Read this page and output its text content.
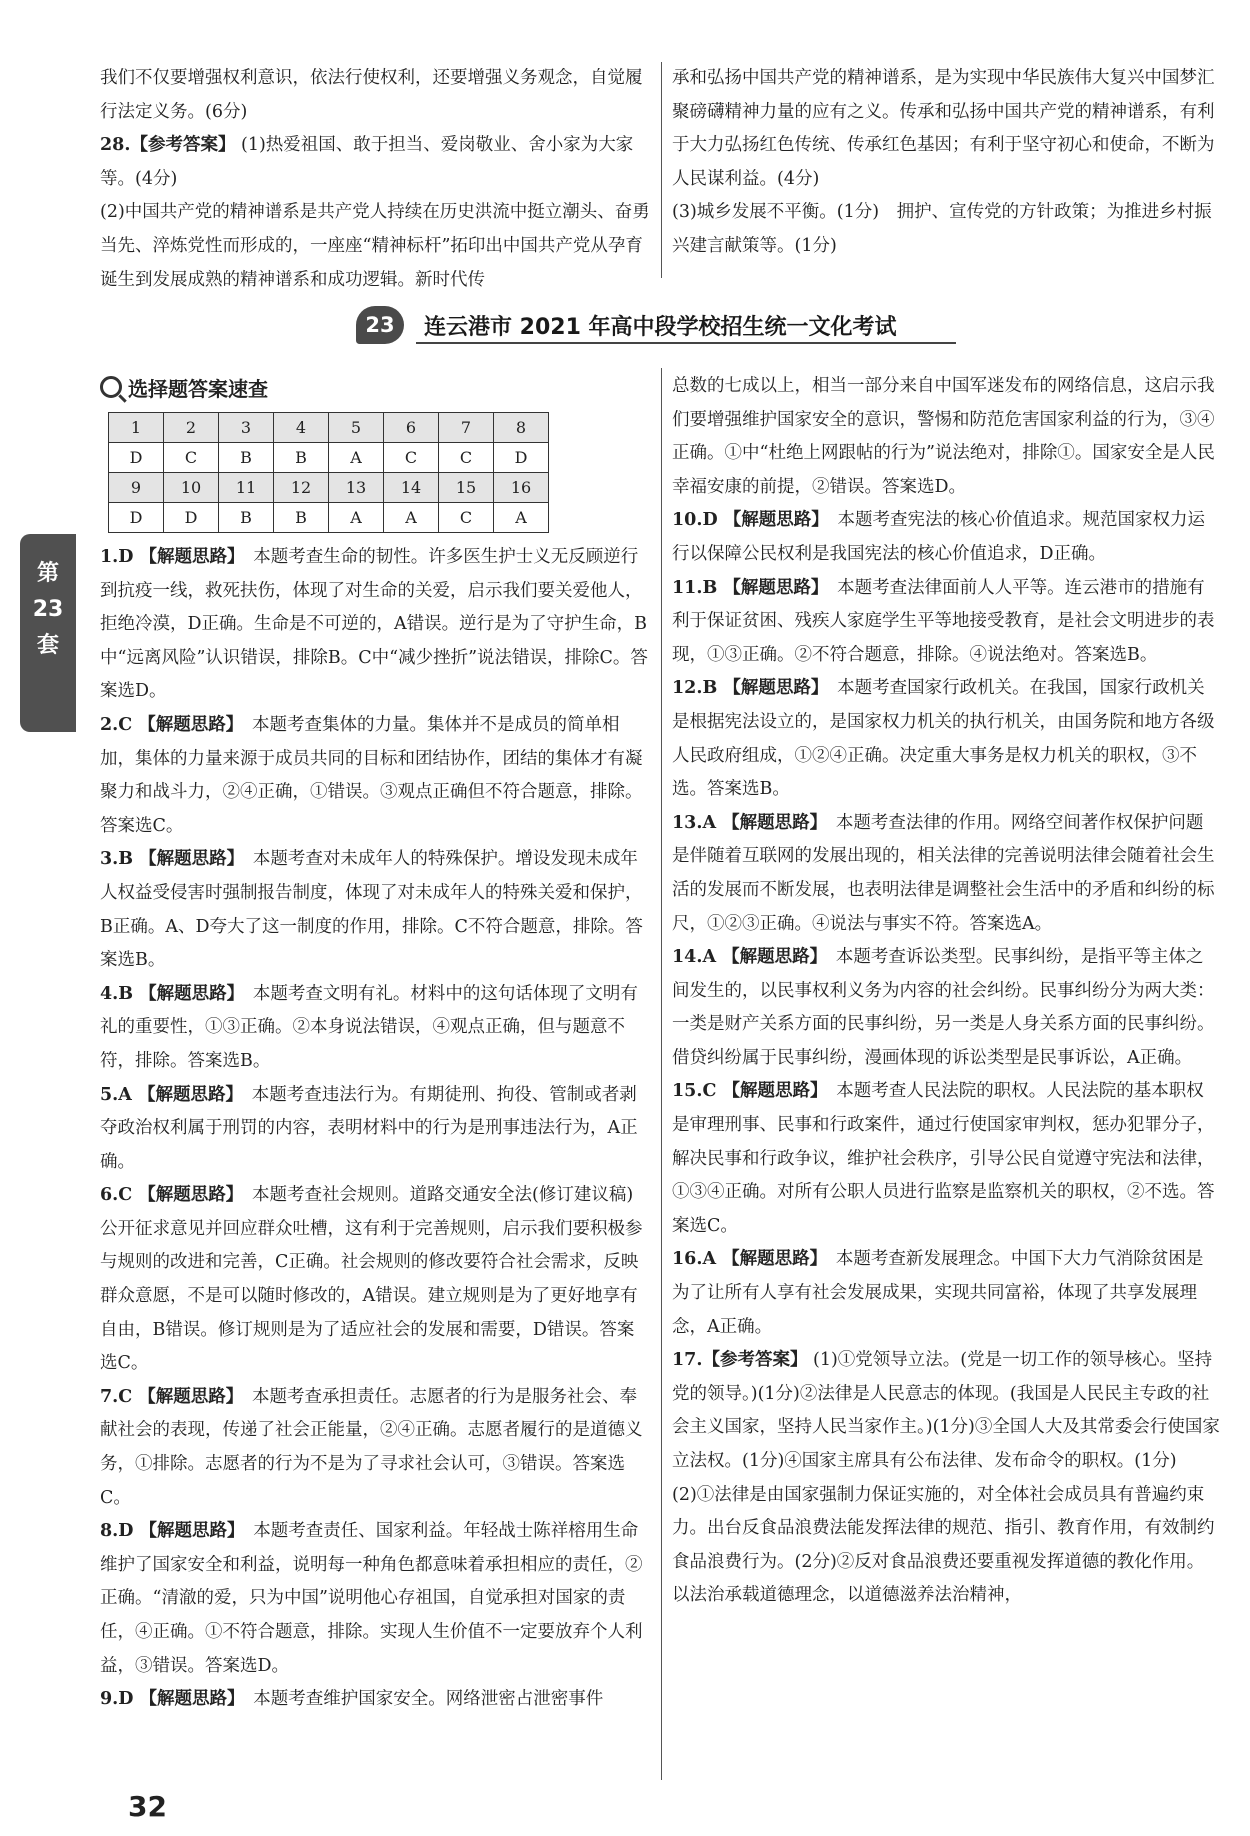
我们不仅要增强权利意识，依法行使权利，还要增强义务观念，自觉履行法定义务。(6分)

28.【参考答案】 (1)热爱祖国、敢于担当、爱岗敬业、舍小家为大家等。(4分)

(2)中国共产党的精神谱系是共产党人持续在历史洪流中挺立潮头、奋勇当先、淬炼党性而形成的，一座座“精神标杆”拓印出中国共产党从孕育诞生到发展成熟的精神谱系和成功逻辑。新时代传

承和弘扬中国共产党的精神谱系，是为实现中华民族伟大复兴中国梦汇聚磅礴精神力量的应有之义。传承和弘扬中国共产党的精神谱系，有利于大力弘扬红色传统、传承红色基因；有利于坚守初心和使命，不断为人民谋利益。(4分)

(3)城乡发展不平衡。(1分)　拥护、宣传党的方针政策；为推进乡村振兴建言献策等。(1分)

23	连云港市 2021 年高中段学校招生统一文化考试
第
23
套
选择题答案速查
1	2	3	4	5	6	7	8
D	C	B	B	A	C	C	D
9	10	11	12	13	14	15	16
D	D	B	B	A	A	C	A

1.D 【解题思路】　本题考查生命的韧性。许多医生护士义无反顾逆行到抗疫一线，救死扶伤，体现了对生命的关爱，启示我们要关爱他人，拒绝冷漠，D正确。生命是不可逆的，A错误。逆行是为了守护生命，B中“远离风险”认识错误，排除B。C中“减少挫折”说法错误，排除C。答案选D。

2.C 【解题思路】　本题考查集体的力量。集体并不是成员的简单相加，集体的力量来源于成员共同的目标和团结协作，团结的集体才有凝聚力和战斗力，②④正确，①错误。③观点正确但不符合题意，排除。答案选C。

3.B 【解题思路】　本题考查对未成年人的特殊保护。增设发现未成年人权益受侵害时强制报告制度，体现了对未成年人的特殊关爱和保护，B正确。A、D夸大了这一制度的作用，排除。C不符合题意，排除。答案选B。

4.B 【解题思路】　本题考查文明有礼。材料中的这句话体现了文明有礼的重要性，①③正确。②本身说法错误，④观点正确，但与题意不符，排除。答案选B。

5.A 【解题思路】　本题考查违法行为。有期徒刑、拘役、管制或者剥夺政治权利属于刑罚的内容，表明材料中的行为是刑事违法行为，A正确。

6.C 【解题思路】　本题考查社会规则。道路交通安全法(修订建议稿)公开征求意见并回应群众吐槽，这有利于完善规则，启示我们要积极参与规则的改进和完善，C正确。社会规则的修改要符合社会需求，反映群众意愿，不是可以随时修改的，A错误。建立规则是为了更好地享有自由，B错误。修订规则是为了适应社会的发展和需要，D错误。答案选C。

7.C 【解题思路】　本题考查承担责任。志愿者的行为是服务社会、奉献社会的表现，传递了社会正能量，②④正确。志愿者履行的是道德义务，①排除。志愿者的行为不是为了寻求社会认可，③错误。答案选C。

8.D 【解题思路】　本题考查责任、国家利益。年轻战士陈祥榕用生命维护了国家安全和利益，说明每一种角色都意味着承担相应的责任，②正确。“清澈的爱，只为中国”说明他心存祖国，自觉承担对国家的责任，④正确。①不符合题意，排除。实现人生价值不一定要放弃个人利益，③错误。答案选D。

9.D 【解题思路】　本题考查维护国家安全。网络泄密占泄密事件

总数的七成以上，相当一部分来自中国军迷发布的网络信息，这启示我们要增强维护国家安全的意识，警惕和防范危害国家利益的行为，③④正确。①中“杜绝上网跟帖的行为”说法绝对，排除①。国家安全是人民幸福安康的前提，②错误。答案选D。

10.D 【解题思路】　本题考查宪法的核心价值追求。规范国家权力运行以保障公民权利是我国宪法的核心价值追求，D正确。

11.B 【解题思路】　本题考查法律面前人人平等。连云港市的措施有利于保证贫困、残疾人家庭学生平等地接受教育，是社会文明进步的表现，①③正确。②不符合题意，排除。④说法绝对。答案选B。

12.B 【解题思路】　本题考查国家行政机关。在我国，国家行政机关是根据宪法设立的，是国家权力机关的执行机关，由国务院和地方各级人民政府组成，①②④正确。决定重大事务是权力机关的职权，③不选。答案选B。

13.A 【解题思路】　本题考查法律的作用。网络空间著作权保护问题是伴随着互联网的发展出现的，相关法律的完善说明法律会随着社会生活的发展而不断发展，也表明法律是调整社会生活中的矛盾和纠纷的标尺，①②③正确。④说法与事实不符。答案选A。

14.A 【解题思路】　本题考查诉讼类型。民事纠纷，是指平等主体之间发生的，以民事权利义务为内容的社会纠纷。民事纠纷分为两大类：一类是财产关系方面的民事纠纷，另一类是人身关系方面的民事纠纷。借贷纠纷属于民事纠纷，漫画体现的诉讼类型是民事诉讼，A正确。

15.C 【解题思路】　本题考查人民法院的职权。人民法院的基本职权是审理刑事、民事和行政案件，通过行使国家审判权，惩办犯罪分子，解决民事和行政争议，维护社会秩序，引导公民自觉遵守宪法和法律，①③④正确。对所有公职人员进行监察是监察机关的职权，②不选。答案选C。

16.A 【解题思路】　本题考查新发展理念。中国下大力气消除贫困是为了让所有人享有社会发展成果，实现共同富裕，体现了共享发展理念，A正确。

17.【参考答案】 (1)①党领导立法。(党是一切工作的领导核心。坚持党的领导。)(1分)②法律是人民意志的体现。(我国是人民民主专政的社会主义国家，坚持人民当家作主。)(1分)③全国人大及其常委会行使国家立法权。(1分)④国家主席具有公布法律、发布命令的职权。(1分)

(2)①法律是由国家强制力保证实施的，对全体社会成员具有普遍约束力。出台反食品浪费法能发挥法律的规范、指引、教育作用，有效制约食品浪费行为。(2分)②反对食品浪费还要重视发挥道德的教化作用。以法治承载道德理念，以道德滋养法治精神，

32
